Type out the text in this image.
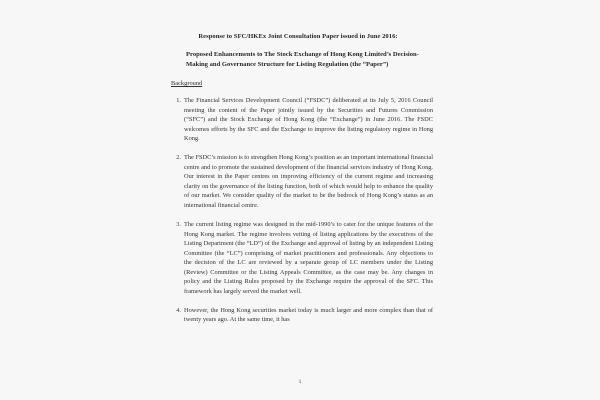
Response to SFC/HKEx Joint Consultation Paper issued in June 2016:
Proposed Enhancements to The Stock Exchange of Hong Kong Limited’s Decision-Making and Governance Structure for Listing Regulation (the “Paper”)
Background
1. The Financial Services Development Council (“FSDC”) deliberated at its July 5, 2016 Council meeting the content of the Paper jointly issued by the Securities and Futures Commission (“SFC”) and the Stock Exchange of Hong Kong (the “Exchange”) in June 2016. The FSDC welcomes efforts by the SFC and the Exchange to improve the listing regulatory regime in Hong Kong.
2. The FSDC’s mission is to strengthen Hong Kong’s position as an important international financial centre and to promote the sustained development of the financial services industry of Hong Kong. Our interest in the Paper centres on improving efficiency of the current regime and increasing clarity on the governance of the listing function, both of which would help to enhance the quality of our market. We consider quality of the market to be the bedrock of Hong Kong’s status as an international financial centre.
3. The current listing regime was designed in the mid-1990’s to cater for the unique features of the Hong Kong market. The regime involves vetting of listing applications by the executives of the Listing Department (the “LD”) of the Exchange and approval of listing by an independent Listing Committee (the “LC”) comprising of market practitioners and professionals. Any objections to the decision of the LC are reviewed by a separate group of LC members under the Listing (Review) Committee or the Listing Appeals Committee, as the case may be. Any changes in policy and the Listing Rules proposed by the Exchange require the approval of the SFC. This framework has largely served the market well.
4. However, the Hong Kong securities market today is much larger and more complex than that of twenty years ago. At the same time, it has
1
